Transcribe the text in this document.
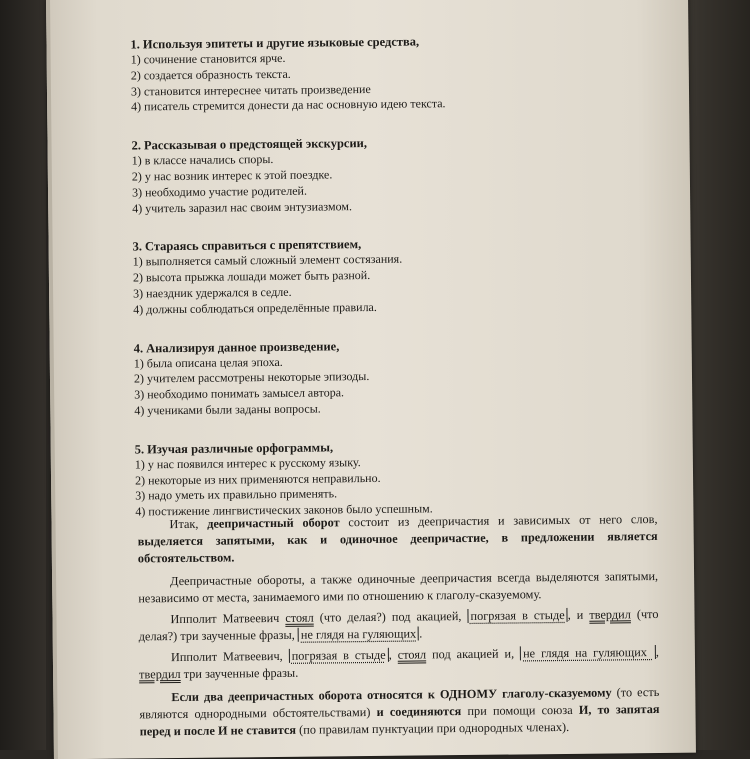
1. Используя эпитеты и другие языковые средства,
1) сочинение становится ярче.
2) создается образность текста.
3) становится интереснее читать произведение
4) писатель стремится донести да нас основную идею текста.
2. Рассказывая о предстоящей экскурсии,
1) в классе начались споры.
2) у нас возник интерес к этой поездке.
3) необходимо участие родителей.
4) учитель заразил нас своим энтузиазмом.
3. Стараясь справиться с препятствием,
1) выполняется самый сложный элемент состязания.
2) высота прыжка лошади может быть разной.
3) наездник удержался в седле.
4) должны соблюдаться определённые правила.
4. Анализируя данное произведение,
1) была описана целая эпоха.
2) учителем рассмотрены некоторые эпизоды.
3) необходимо понимать замысел автора.
4) учениками были заданы вопросы.
5. Изучая различные орфограммы,
1) у нас появился интерес к русскому языку.
2) некоторые из них применяются неправильно.
3) надо уметь их правильно применять.
4) постижение лингвистических законов было успешным.

Итак, деепричастный оборот состоит из деепричастия и зависимых от него слов, выделяется запятыми, как и одиночное деепричастие, в предложении является обстоятельством.

Деепричастные обороты, а также одиночные деепричастия всегда выделяются запятыми, независимо от места, занимаемого ими по отношению к глаголу-сказуемому.

Ипполит Матвеевич стоял (что делая?) под акацией, погрязая в стыде , и твердил (что делая?) три заученные фразы, не глядя на гуляющих .

Ипполит Матвеевич, погрязая в стыде , стоял под акацией и, не глядя на гуляющих , твердил три заученные фразы.

Если два деепричастных оборота относятся к ОДНОМУ глаголу-сказуемому (то есть являются однородными обстоятельствами) и соединяются при помощи союза И, то запятая перед и после И не ставится (по правилам пунктуации при однородных членах).
